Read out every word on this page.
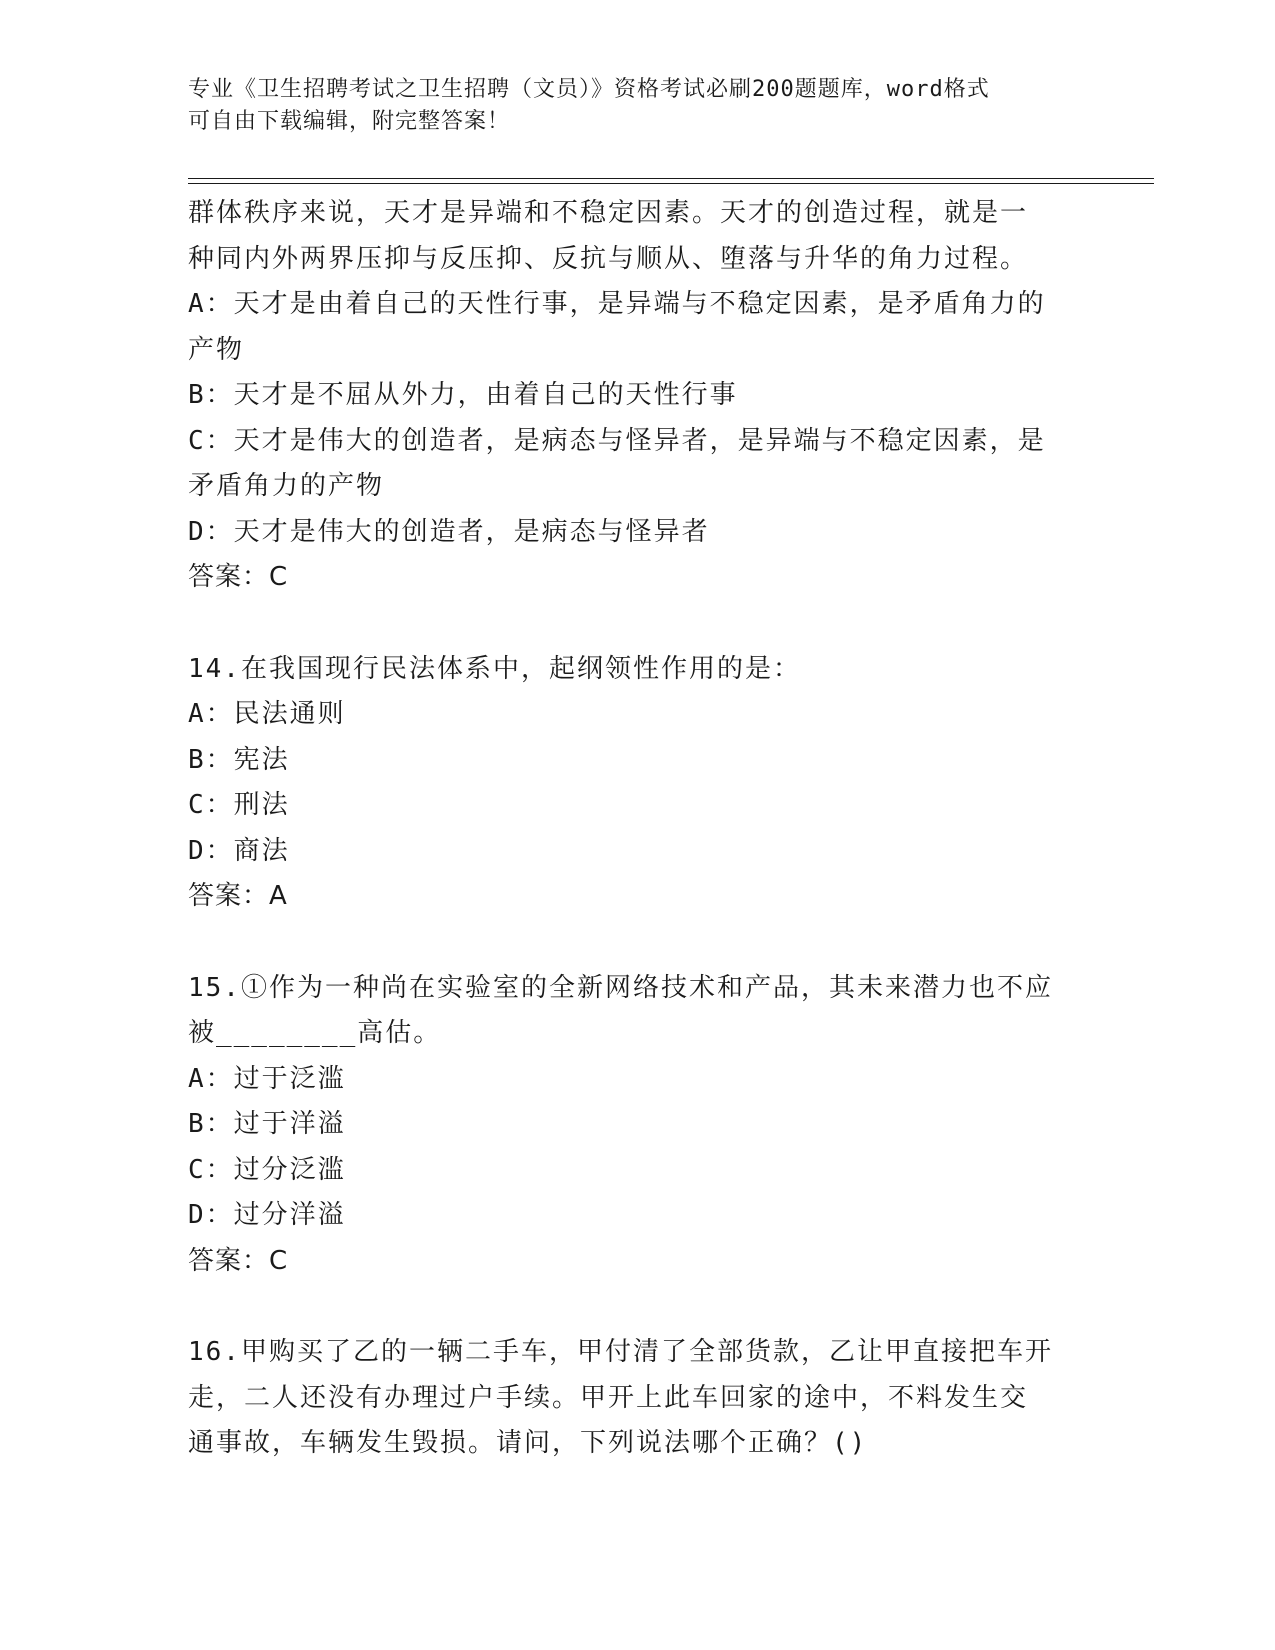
专业《卫生招聘考试之卫生招聘（文员）》资格考试必刷200题题库，word格式
可自由下载编辑，附完整答案！
群体秩序来说，天才是异端和不稳定因素。天才的创造过程，就是一
种同内外两界压抑与反压抑、反抗与顺从、堕落与升华的角力过程。
A：天才是由着自己的天性行事，是异端与不稳定因素，是矛盾角力的
产物
B：天才是不屈从外力，由着自己的天性行事
C：天才是伟大的创造者，是病态与怪异者，是异端与不稳定因素，是
矛盾角力的产物
D：天才是伟大的创造者，是病态与怪异者
答案：C
14.在我国现行民法体系中，起纲领性作用的是：
A：民法通则
B：宪法
C：刑法
D：商法
答案：A
15.①作为一种尚在实验室的全新网络技术和产品，其未来潜力也不应
被________高估。
A：过于泛滥
B：过于洋溢
C：过分泛滥
D：过分洋溢
答案：C
16.甲购买了乙的一辆二手车，甲付清了全部货款，乙让甲直接把车开
走，二人还没有办理过户手续。甲开上此车回家的途中，不料发生交
通事故，车辆发生毁损。请问，下列说法哪个正确？()
